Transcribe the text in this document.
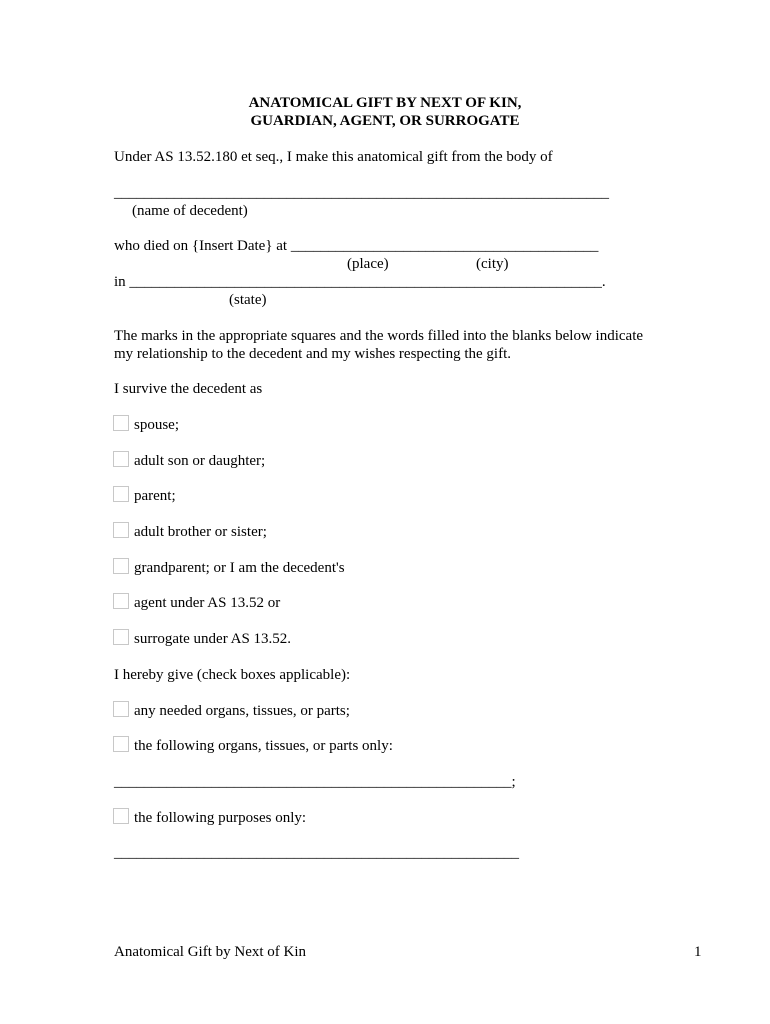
ANATOMICAL GIFT BY NEXT OF KIN,
GUARDIAN, AGENT, OR SURROGATE
Under AS 13.52.180 et seq., I make this anatomical gift from the body of
__________________________________________________________________
(name of decedent)
who died on {Insert Date} at _________________________________________
(place)	(city)
in _______________________________________________________________.
(state)
The marks in the appropriate squares and the words filled into the blanks below indicate
my relationship to the decedent and my wishes respecting the gift.
I survive the decedent as
spouse;
adult son or daughter;
parent;
adult brother or sister;
grandparent; or I am the decedent's
agent under AS 13.52 or
surrogate under AS 13.52.
I hereby give (check boxes applicable):
any needed organs, tissues, or parts;
the following organs, tissues, or parts only:
_____________________________________________________;
the following purposes only:
______________________________________________________
Anatomical Gift by Next of Kin	1
